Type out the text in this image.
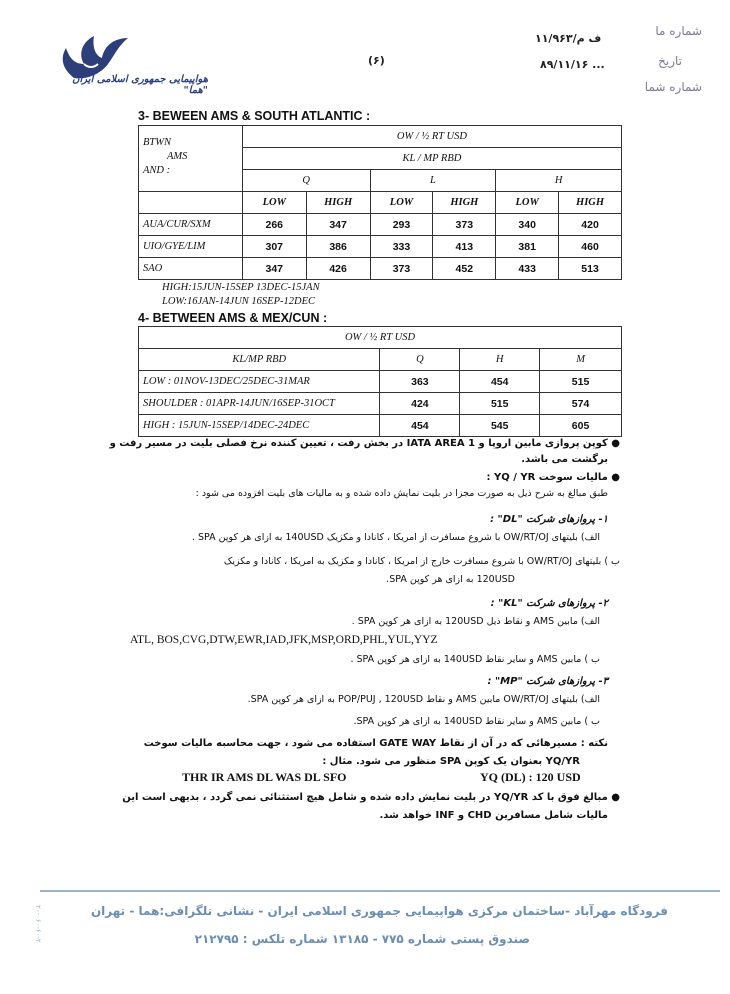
هواپیمایی جمهوری اسلامی ایران "هما"
شماره ما
تاریخ
شماره شما
۱۱/۹۶۳/ف م
۸۹/۱۱/۱۶ ...
(۶)
3- BEWEEN AMS & SOUTH ATLANTIC :
BTWN
AMS
AND :	OW / ½ RT USD					
	KL / MP RBD					
	Q		L		H	
	LOW	HIGH	LOW	HIGH	LOW	HIGH
AUA/CUR/SXM	266	347	293	373	340	420
UIO/GYE/LIM	307	386	333	413	381	460
SAO	347	426	373	452	433	513
HIGH:15JUN-15SEP 13DEC-15JAN
LOW:16JAN-14JUN 16SEP-12DEC
4- BETWEEN AMS & MEX/CUN :
OW / ½ RT USD			
KL/MP RBD	Q	H	M
LOW : 01NOV-13DEC/25DEC-31MAR	363	454	515
SHOULDER : 01APR-14JUN/16SEP-31OCT	424	515	574
HIGH : 15JUN-15SEP/14DEC-24DEC	454	545	605
● کوپن پروازی مابین اروپا و IATA AREA 1 در بخش رفت ، تعیین کننده نرخ فصلی بلیت در مسیر رفت و
برگشت می باشد.
● مالیات سوخت YQ / YR :
طبق مبالغ به شرح ذیل به صورت مجزا در بلیت نمایش داده شده و به مالیات های بلیت افزوده می شود :
۱- پروازهای شرکت "DL" :
الف) بلیتهای OW/RT/OJ با شروع مسافرت از امریکا ، کانادا و مکزیک 140USD به ازای هر کوپن SPA .
ب ) بلیتهای OW/RT/OJ با شروع مسافرت خارج از امریکا ، کانادا و مکزیک به امریکا ، کانادا و مکزیک
120USD به ازای هر کوپن SPA.
۲- پروازهای شرکت "KL" :
الف) مابین AMS و نقاط ذیل 120USD به ازای هر کوپن SPA .
ATL, BOS,CVG,DTW,EWR,IAD,JFK,MSP,ORD,PHL,YUL,YYZ
ب ) مابین AMS و سایر نقاط 140USD به ازای هر کوپن SPA .
۳- پروازهای شرکت "MP" :
الف) بلیتهای OW/RT/OJ مابین AMS و نقاط POP/PUJ , 120USD به ازای هر کوپن SPA.
ب ) مابین AMS و سایر نقاط 140USD به ازای هر کوپن SPA.
نکته : مسیرهائی که در آن از نقاط GATE WAY استفاده می شود ، جهت محاسبه مالیات سوخت
YQ/YR بعنوان یک کوپن SPA منظور می شود. مثال :
THR IR AMS DL WAS DL SFO	YQ (DL) : 120 USD
● مبالغ فوق با کد YQ/YR در بلیت نمایش داده شده و شامل هیچ استثنائی نمی گردد ، بدیهی است این
مالیات شامل مسافرین CHD و INF خواهد شد.
فرودگاه مهرآباد -ساختمان مرکزی هواپیمایی جمهوری اسلامی ایران - نشانی تلگرافی:هما - تهران
صندوق پستی شماره ۷۷۵ - ۱۳۱۸۵ شماره تلکس : ۲۱۲۷۹۵
۲۰-۰۶۰-۶۰-۲
